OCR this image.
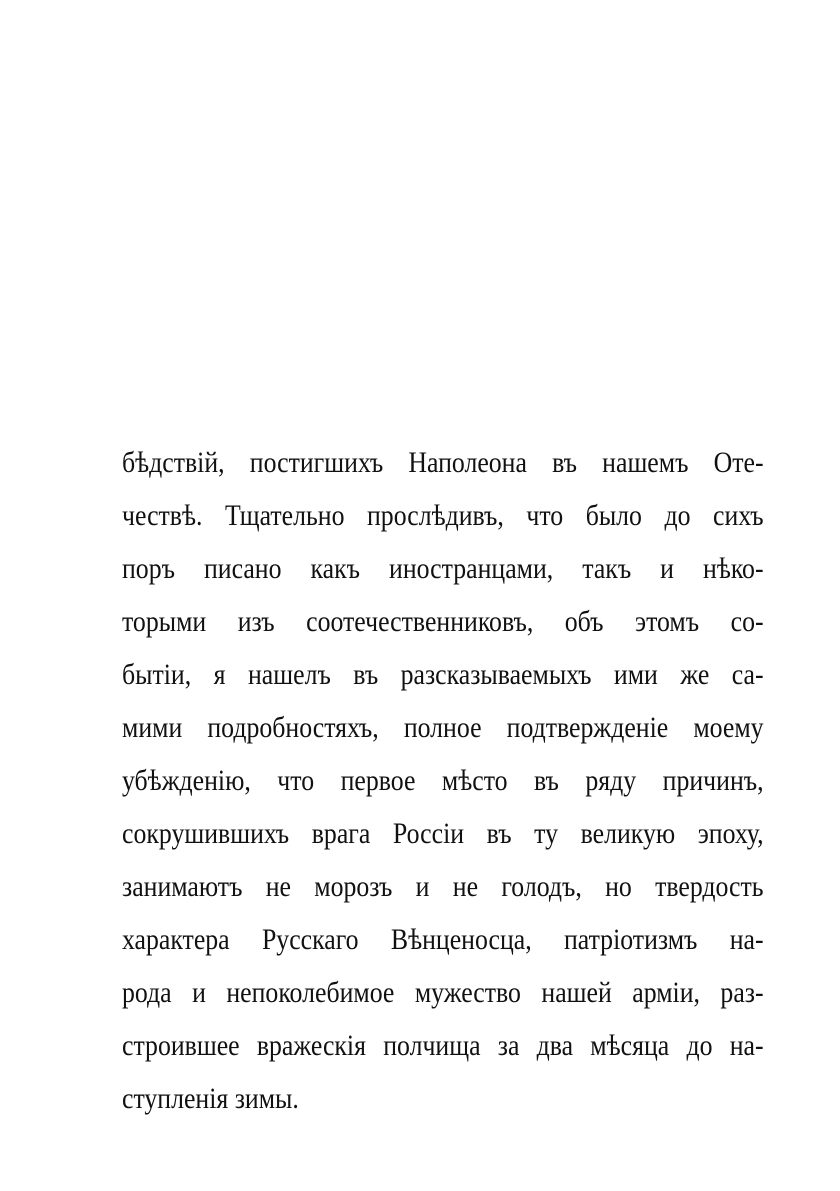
бѣдствій, постигшихъ Наполеона въ нашемъ Оте-
чествѣ. Тщательно прослѣдивъ, что было до сихъ
поръ писано какъ иностранцами, такъ и нѣко-
торыми изъ соотечественниковъ, объ этомъ со-
бытіи, я нашелъ въ разсказываемыхъ ими же са-
мими подробностяхъ, полное подтвержденіе моему
убѣжденію, что первое мѣсто въ ряду причинъ,
сокрушившихъ врага Россіи въ ту великую эпоху,
занимаютъ не морозъ и не голодъ, но твердость
характера Русскаго Вѣнценосца, патріотизмъ на-
рода и непоколебимое мужество нашей арміи, раз-
строившее вражескія полчища за два мѣсяца до на-
ступленія зимы.
